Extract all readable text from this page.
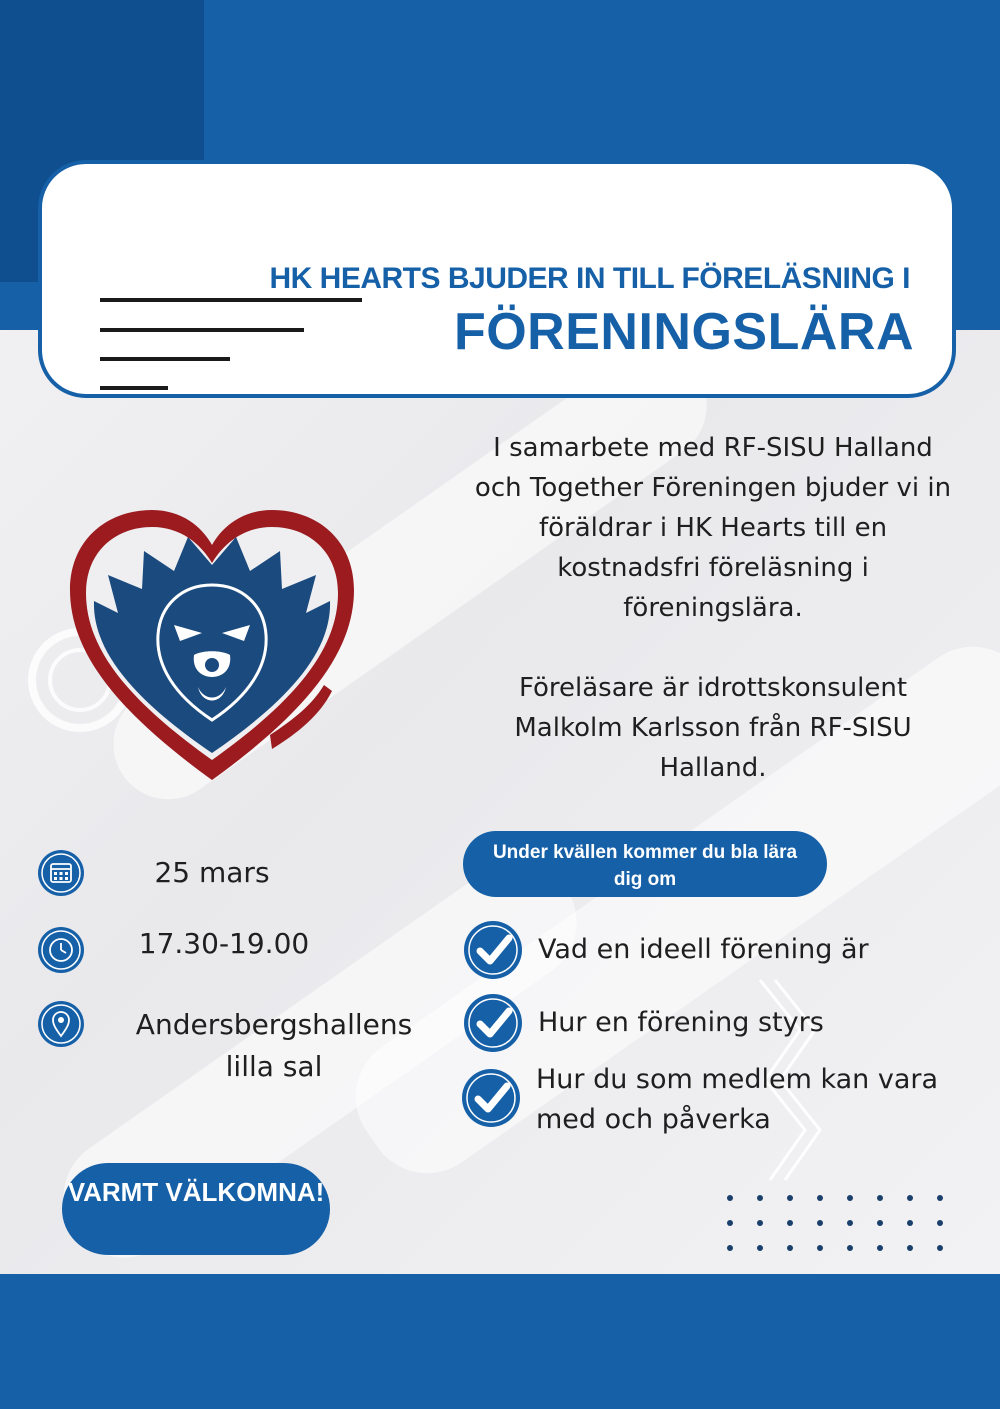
HK HEARTS BJUDER IN TILL FÖRELÄSNING I
FÖRENINGSLÄRA

I samarbete med RF-SISU Halland och Together Föreningen bjuder vi in föräldrar i HK Hearts till en kostnadsfri föreläsning i föreningslära.

Föreläsare är idrottskonsulent Malkolm Karlsson från RF-SISU Halland.

25 mars
17.30-19.00
Andersbergshallens lilla sal
Under kvällen kommer du bla lära dig om
Vad en ideell förening är
Hur en förening styrs
Hur du som medlem kan vara med och påverka
VARMT VÄLKOMNA!
